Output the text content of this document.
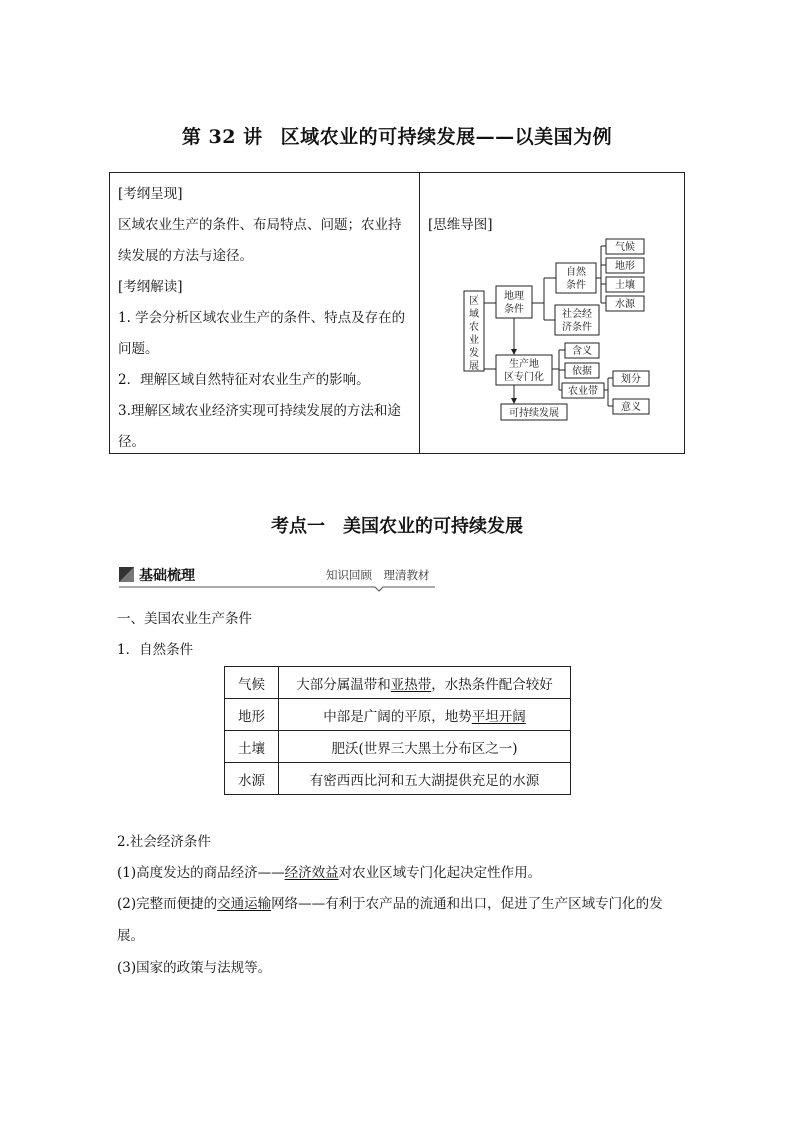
第 32 讲 区域农业的可持续发展——以美国为例

[考纲呈现]

区域农业生产的条件、布局特点、问题；农业持

续发展的方法与途径。

[考纲解读]

1. 学会分析区域农业生产的条件、特点及存在的

问题。

2．理解区域自然特征对农业生产的影响。

3.理解区域农业经济实现可持续发展的方法和途

径。

[思维导图]
区
域
农
业
发
展
地理
条件
自然
条件
社会经
济条件
气候
地形
土壤
水源
生产地
区专门化
含义
依据
农业带
划分
意义
可持续发展
考点一 美国农业的可持续发展
基础梳理	知识回顾　理清教材
一、美国农业生产条件
1．自然条件
气候	大部分属温带和亚热带，水热条件配合较好
地形	中部是广阔的平原，地势平坦开阔
土壤	肥沃(世界三大黑土分布区之一)
水源	有密西西比河和五大湖提供充足的水源
2.社会经济条件
(1)高度发达的商品经济——经济效益对农业区域专门化起决定性作用。
(2)完整而便捷的交通运输网络——有利于农产品的流通和出口，促进了生产区域专门化的发
展。
(3)国家的政策与法规等。
